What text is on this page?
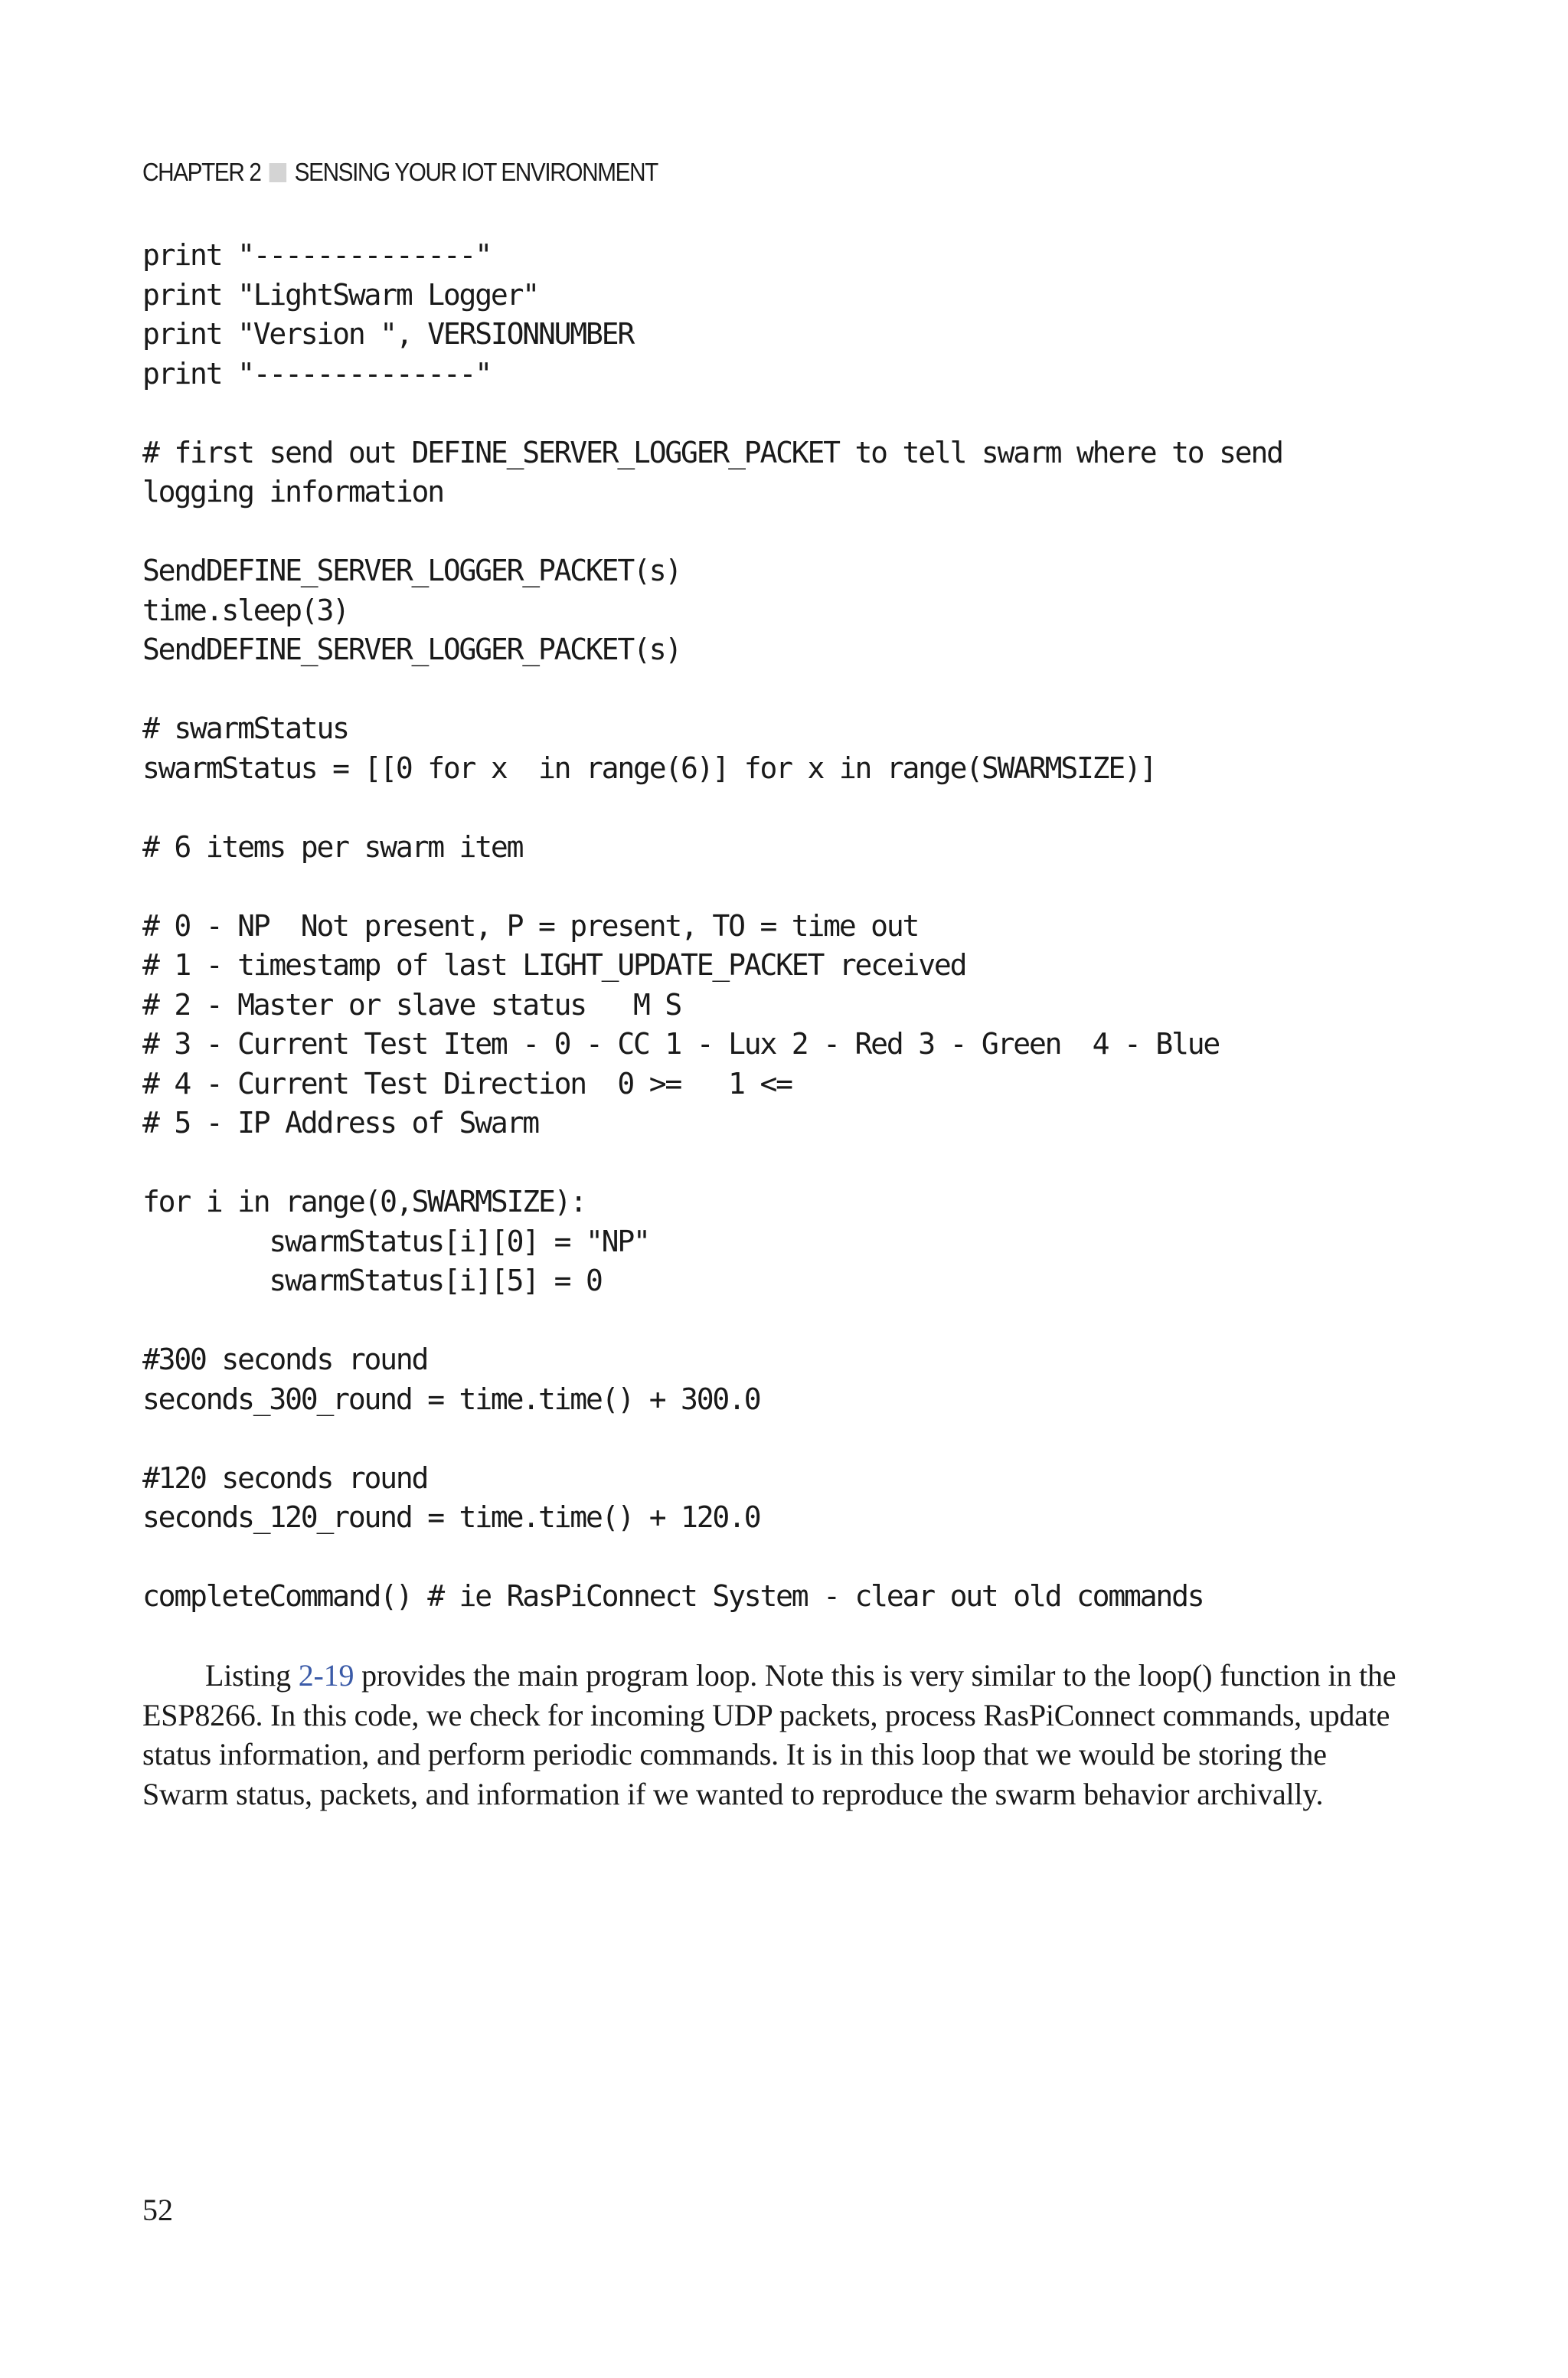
CHAPTER 2 SENSING YOUR IOT ENVIRONMENT
print "--------------"
print "LightSwarm Logger"
print "Version ", VERSIONNUMBER
print "--------------"
# first send out DEFINE_SERVER_LOGGER_PACKET to tell swarm where to send
logging information
SendDEFINE_SERVER_LOGGER_PACKET(s)
time.sleep(3)
SendDEFINE_SERVER_LOGGER_PACKET(s)
# swarmStatus
swarmStatus = [[0 for x  in range(6)] for x in range(SWARMSIZE)]
# 6 items per swarm item
# 0 - NP  Not present, P = present, TO = time out
# 1 - timestamp of last LIGHT_UPDATE_PACKET received
# 2 - Master or slave status   M S
# 3 - Current Test Item - 0 - CC 1 - Lux 2 - Red 3 - Green  4 - Blue
# 4 - Current Test Direction  0 >=   1 <=
# 5 - IP Address of Swarm
for i in range(0,SWARMSIZE):
swarmStatus[i][0] = "NP"
swarmStatus[i][5] = 0
#300 seconds round
seconds_300_round = time.time() + 300.0
#120 seconds round
seconds_120_round = time.time() + 120.0
completeCommand() # ie RasPiConnect System - clear out old commands
Listing 2-19 provides the main program loop. Note this is very similar to the loop() function in the ESP8266. In this code, we check for incoming UDP packets, process RasPiConnect commands, update status information, and perform periodic commands. It is in this loop that we would be storing the Swarm status, packets, and information if we wanted to reproduce the swarm behavior archivally.
52
